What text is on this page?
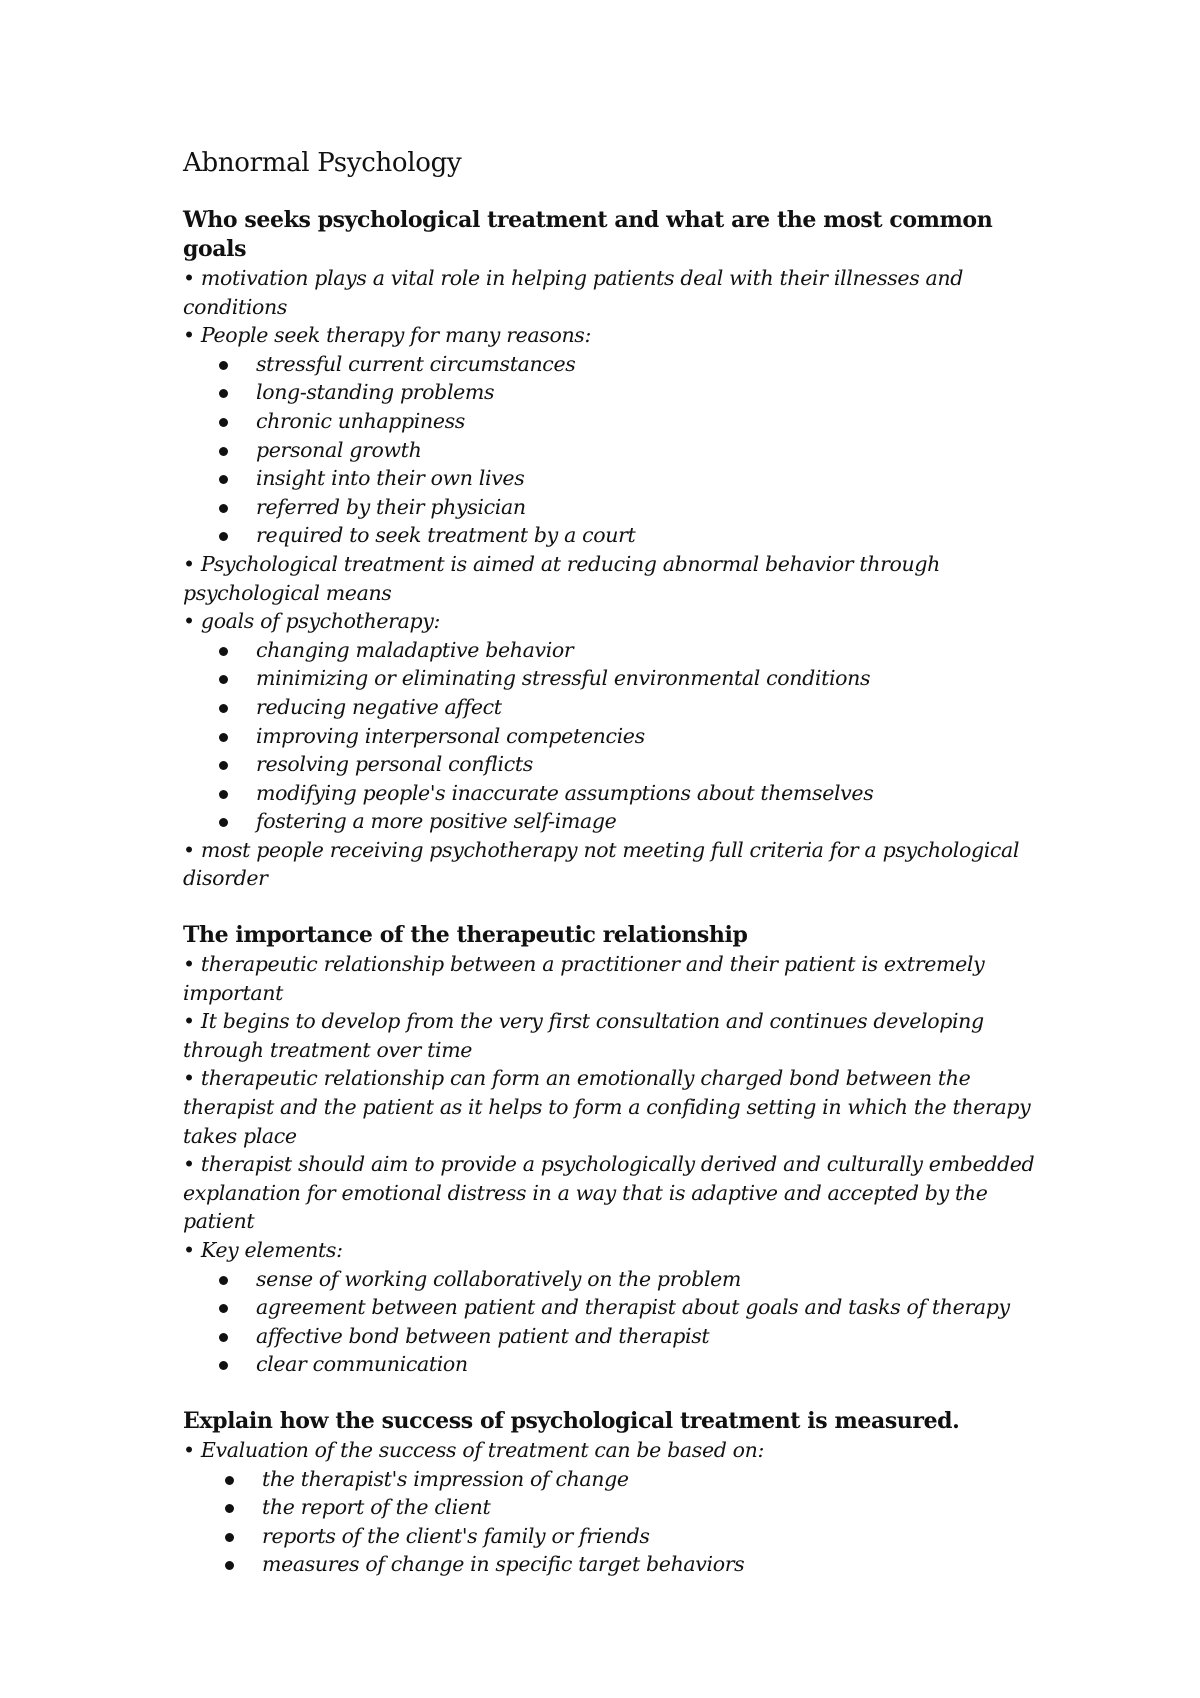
Abnormal Psychology
Who seeks psychological treatment and what are the most common goals

• motivation plays a vital role in helping patients deal with their illnesses and conditions

• People seek therapy for many reasons:

stressful current circumstances
long-standing problems
chronic unhappiness
personal growth
insight into their own lives
referred by their physician
required to seek treatment by a court

• Psychological treatment is aimed at reducing abnormal behavior through psychological means

• goals of psychotherapy:

changing maladaptive behavior
minimizing or eliminating stressful environmental conditions
reducing negative affect
improving interpersonal competencies
resolving personal conflicts
modifying people's inaccurate assumptions about themselves
fostering a more positive self-image

• most people receiving psychotherapy not meeting full criteria for a psychological disorder

The importance of the therapeutic relationship

• therapeutic relationship between a practitioner and their patient is extremely important

• It begins to develop from the very first consultation and continues developing through treatment over time

• therapeutic relationship can form an emotionally charged bond between the therapist and the patient as it helps to form a confiding setting in which the therapy takes place

• therapist should aim to provide a psychologically derived and culturally embedded explanation for emotional distress in a way that is adaptive and accepted by the patient

• Key elements:

sense of working collaboratively on the problem
agreement between patient and therapist about goals and tasks of therapy
affective bond between patient and therapist
clear communication
Explain how the success of psychological treatment is measured.

• Evaluation of the success of treatment can be based on:

the therapist's impression of change
the report of the client
reports of the client's family or friends
measures of change in specific target behaviors
